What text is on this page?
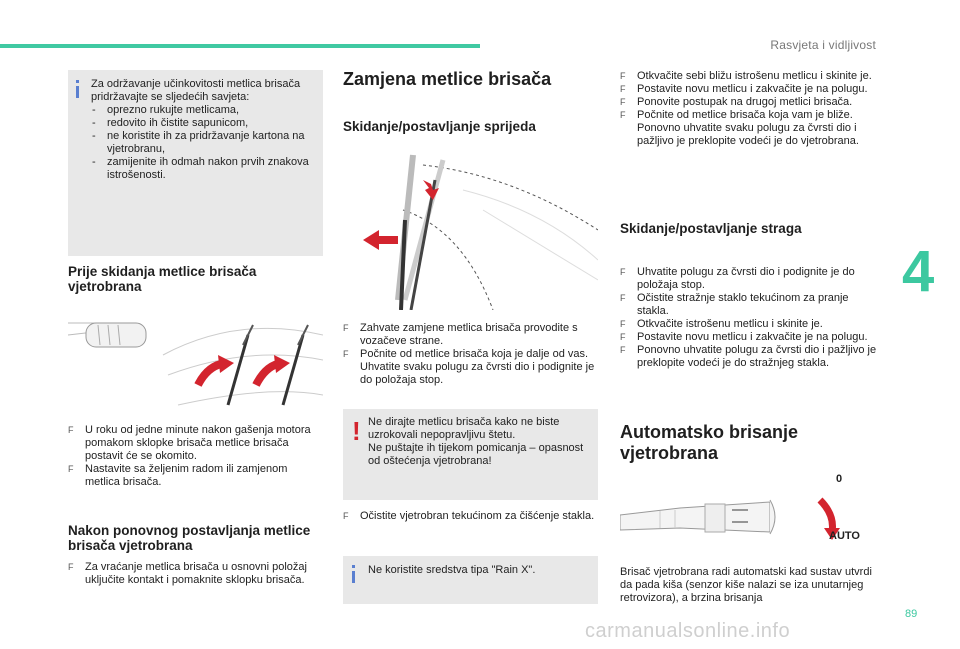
Rasvjeta i vidljivost
4
89

Za održavanje učinkovitosti metlica brisača pridržavajte se sljedećih savjeta:

- oprezno rukujte metlicama,
- redovito ih čistite sapunicom,
- ne koristite ih za pridržavanje kartona na vjetrobranu,
- zamijenite ih odmah nakon prvih znakova istrošenosti.
Prije skidanja metlice brisača vjetrobrana
F U roku od jedne minute nakon gašenja motora pomakom sklopke brisača metlice brisača postavit će se okomito.
F Nastavite sa željenim radom ili zamjenom metlica brisača.
Nakon ponovnog postavljanja metlice brisača vjetrobrana
F Za vraćanje metlica brisača u osnovni položaj uključite kontakt i pomaknite sklopku brisača.
Zamjena metlice brisača
Skidanje/postavljanje sprijeda
F Zahvate zamjene metlica brisača provodite s vozačeve strane.
F Počnite od metlice brisača koja je dalje od vas. Uhvatite svaku polugu za čvrsti dio i podignite je do položaja stop.
! Ne dirajte metlicu brisača kako ne biste uzrokovali nepopravljivu štetu.
Ne puštajte ih tijekom pomicanja – opasnost od oštećenja vjetrobrana!

F Očistite vjetrobran tekućinom za čišćenje stakla.

Ne koristite sredstva tipa "Rain X".

F Otkvačite sebi bližu istrošenu metlicu i skinite je.
F Postavite novu metlicu i zakvačite je na polugu.
F Ponovite postupak na drugoj metlici brisača.
F Počnite od metlice brisača koja vam je bliže. Ponovno uhvatite svaku polugu za čvrsti dio i pažljivo je preklopite vodeći je do vjetrobrana.
Skidanje/postavljanje straga
F Uhvatite polugu za čvrsti dio i podignite je do položaja stop.
F Očistite stražnje staklo tekućinom za pranje stakla.
F Otkvačite istrošenu metlicu i skinite je.
F Postavite novu metlicu i zakvačite je na polugu.
F Ponovno uhvatite polugu za čvrsti dio i pažljivo je preklopite vodeći je do stražnjeg stakla.
Automatsko brisanje vjetrobrana
0
AUTO

Brisač vjetrobrana radi automatski kad sustav utvrdi da pada kiša (senzor kiše nalazi se iza unutarnjeg retrovizora), a brzina brisanja

carmanualsonline.info
